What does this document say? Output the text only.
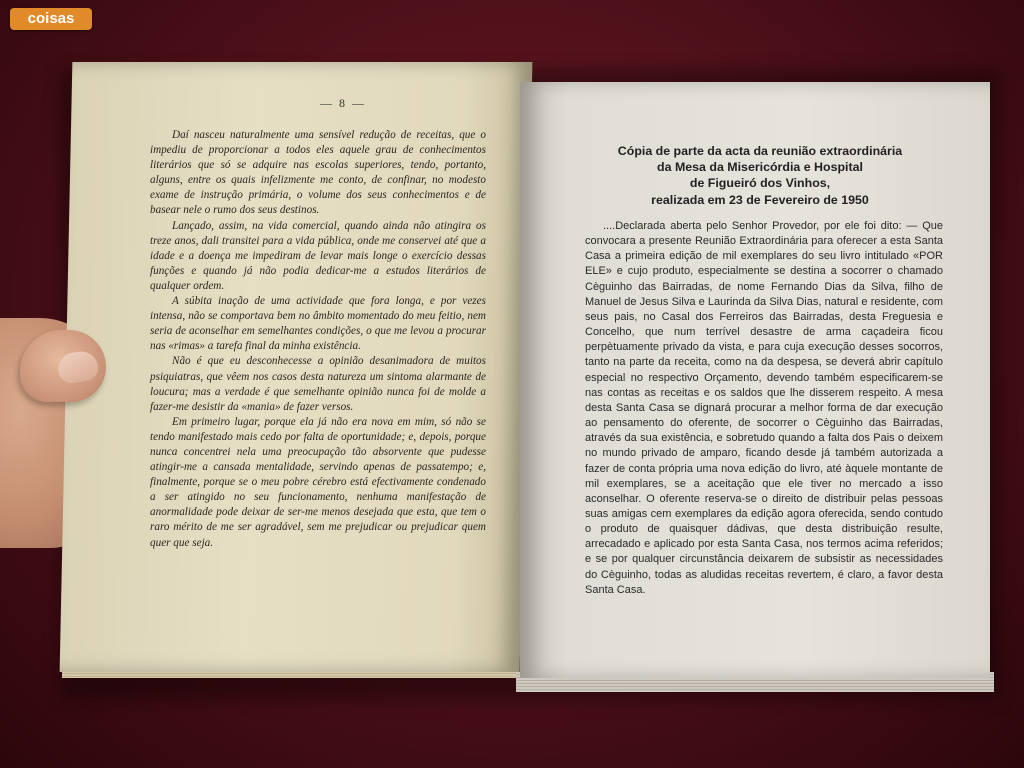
coisas
— 8 —

Daí nasceu naturalmente uma sensível redução de receitas, que o impediu de proporcionar a todos eles aquele grau de conhecimentos literários que só se adquire nas escolas superiores, tendo, portanto, alguns, entre os quais infelizmente me conto, de confinar, no modesto exame de instrução primária, o volume dos seus conhecimentos e de basear nele o rumo dos seus destinos.

Lançado, assim, na vida comercial, quando ainda não atingira os treze anos, dali transitei para a vida pública, onde me conservei até que a idade e a doença me impediram de levar mais longe o exercício dessas funções e quando já não podia dedicar-me a estudos literários de qualquer ordem.

A súbita inação de uma actividade que fora longa, e por vezes intensa, não se comportava bem no âmbito momentado do meu feitio, nem seria de aconselhar em semelhantes condições, o que me levou a procurar nas «rimas» a tarefa final da minha existência.

Não é que eu desconhecesse a opinião desanimadora de muitos psiquiatras, que vêem nos casos desta natureza um sintoma alarmante de loucura; mas a verdade é que semelhante opinião nunca foi de molde a fazer-me desistir da «mania» de fazer versos.

Em primeiro lugar, porque ela já não era nova em mim, só não se tendo manifestado mais cedo por falta de oportunidade; e, depois, porque nunca concentrei nela uma preocupação tão absorvente que pudesse atingir-me a cansada mentalidade, servindo apenas de passatempo; e, finalmente, porque se o meu pobre cérebro está efectivamente condenado a ser atingido no seu funcionamento, nenhuma manifestação de anormalidade pode deixar de ser-me menos desejada que esta, que tem o raro mérito de me ser agradável, sem me prejudicar ou prejudicar quem quer que seja.

Cópia de parte da acta da reunião extraordinária
da Mesa da Misericórdia e Hospital
de Figueiró dos Vinhos,
realizada em 23 de Fevereiro de 1950

....Declarada aberta pelo Senhor Provedor, por ele foi dito: — Que convocara a presente Reunião Extraordinária para oferecer a esta Santa Casa a primeira edição de mil exemplares do seu livro intitulado «POR ELE» e cujo produto, especialmente se destina a socorrer o chamado Cèguinho das Bairradas, de nome Fernando Dias da Silva, filho de Manuel de Jesus Silva e Laurinda da Silva Dias, natural e residente, com seus pais, no Casal dos Ferreiros das Bairradas, desta Freguesia e Concelho, que num terrível desastre de arma caçadeira ficou perpètuamente privado da vista, e para cuja execução desses socorros, tanto na parte da receita, como na da despesa, se deverá abrir capítulo especial no respectivo Orçamento, devendo também especificarem-se nas contas as receitas e os saldos que lhe disserem respeito. A mesa desta Santa Casa se dignará procurar a melhor forma de dar execução ao pensamento do oferente, de socorrer o Cèguinho das Bairradas, através da sua existência, e sobretudo quando a falta dos Pais o deixem no mundo privado de amparo, ficando desde já também autorizada a fazer de conta própria uma nova edição do livro, até àquele montante de mil exemplares, se a aceitação que ele tiver no mercado a isso aconselhar. O oferente reserva-se o direito de distribuir pelas pessoas suas amigas cem exemplares da edição agora oferecida, sendo contudo o produto de quaisquer dádivas, que desta distribuição resulte, arrecadado e aplicado por esta Santa Casa, nos termos acima referidos; e se por qualquer circunstância deixarem de subsistir as necessidades do Cèguinho, todas as aludidas receitas revertem, é claro, a favor desta Santa Casa.
